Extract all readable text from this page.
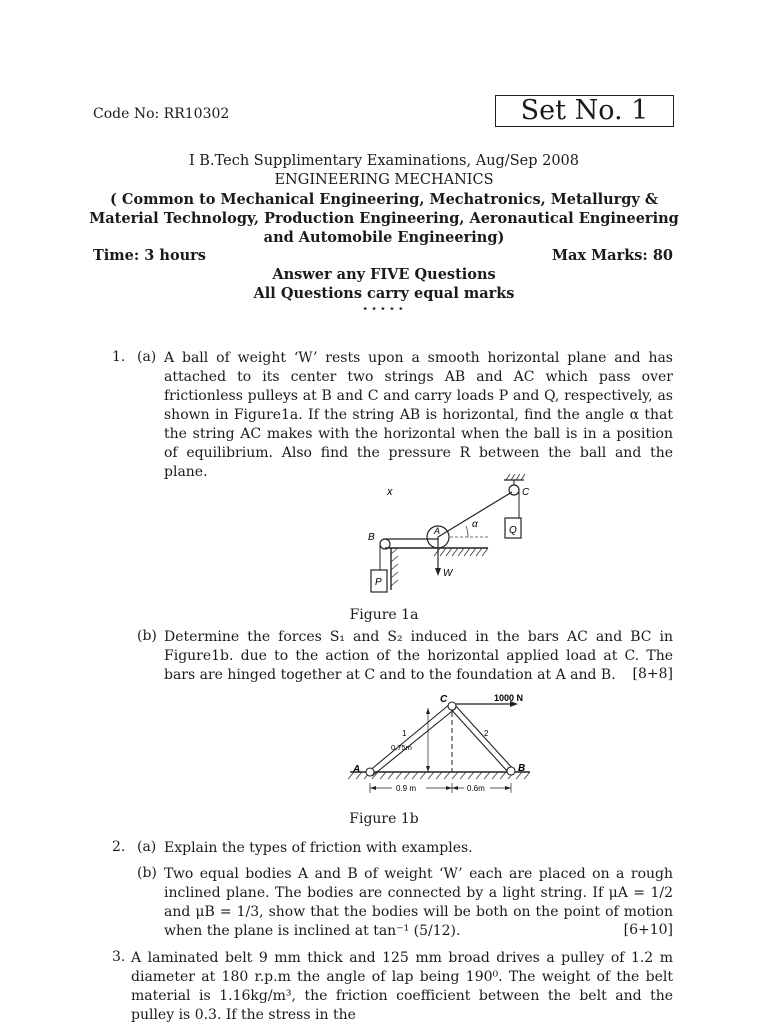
Code No: RR10302	Set No. 1
I B.Tech Supplimentary Examinations, Aug/Sep 2008
ENGINEERING MECHANICS
( Common to Mechanical Engineering, Mechatronics, Metallurgy &
Material Technology, Production Engineering, Aeronautical Engineering
and Automobile Engineering)
Time: 3 hours	Max Marks: 80
Answer any FIVE Questions
All Questions carry equal marks
⋆⋆⋆⋆⋆
1. (a) A ball of weight ‘W’ rests upon a smooth horizontal plane and has attached to its center two strings AB and AC which pass over frictionless pulleys at B and C and carry loads P and Q, respectively, as shown in Figure1a. If the string AB is horizontal, find the angle α that the string AC makes with the horizontal when the ball is in a position of equilibrium. Also find the pressure R between the ball and the plane.
x
B
A
C
α
Q
P
W
Figure 1a
(b) Determine the forces S₁ and S₂ induced in the bars AC and BC in Figure1b. due to the action of the horizontal applied load at C. The bars are hinged together at C and to the foundation at A and B.	[8+8]
C	1000 N
A	B
1	2
0.75m
0.9 m	0.6m
Figure 1b
2. (a) Explain the types of friction with examples.
(b) Two equal bodies A and B of weight ‘W’ each are placed on a rough inclined plane. The bodies are connected by a light string. If μA = 1/2 and μB = 1/3, show that the bodies will be both on the point of motion when the plane is inclined at tan⁻¹ (5/12).	[6+10]
3. A laminated belt 9 mm thick and 125 mm broad drives a pulley of 1.2 m diameter at 180 r.p.m the angle of lap being 190⁰. The weight of the belt material is 1.16kg/m³, the friction coefficient between the belt and the pulley is 0.3. If the stress in the
